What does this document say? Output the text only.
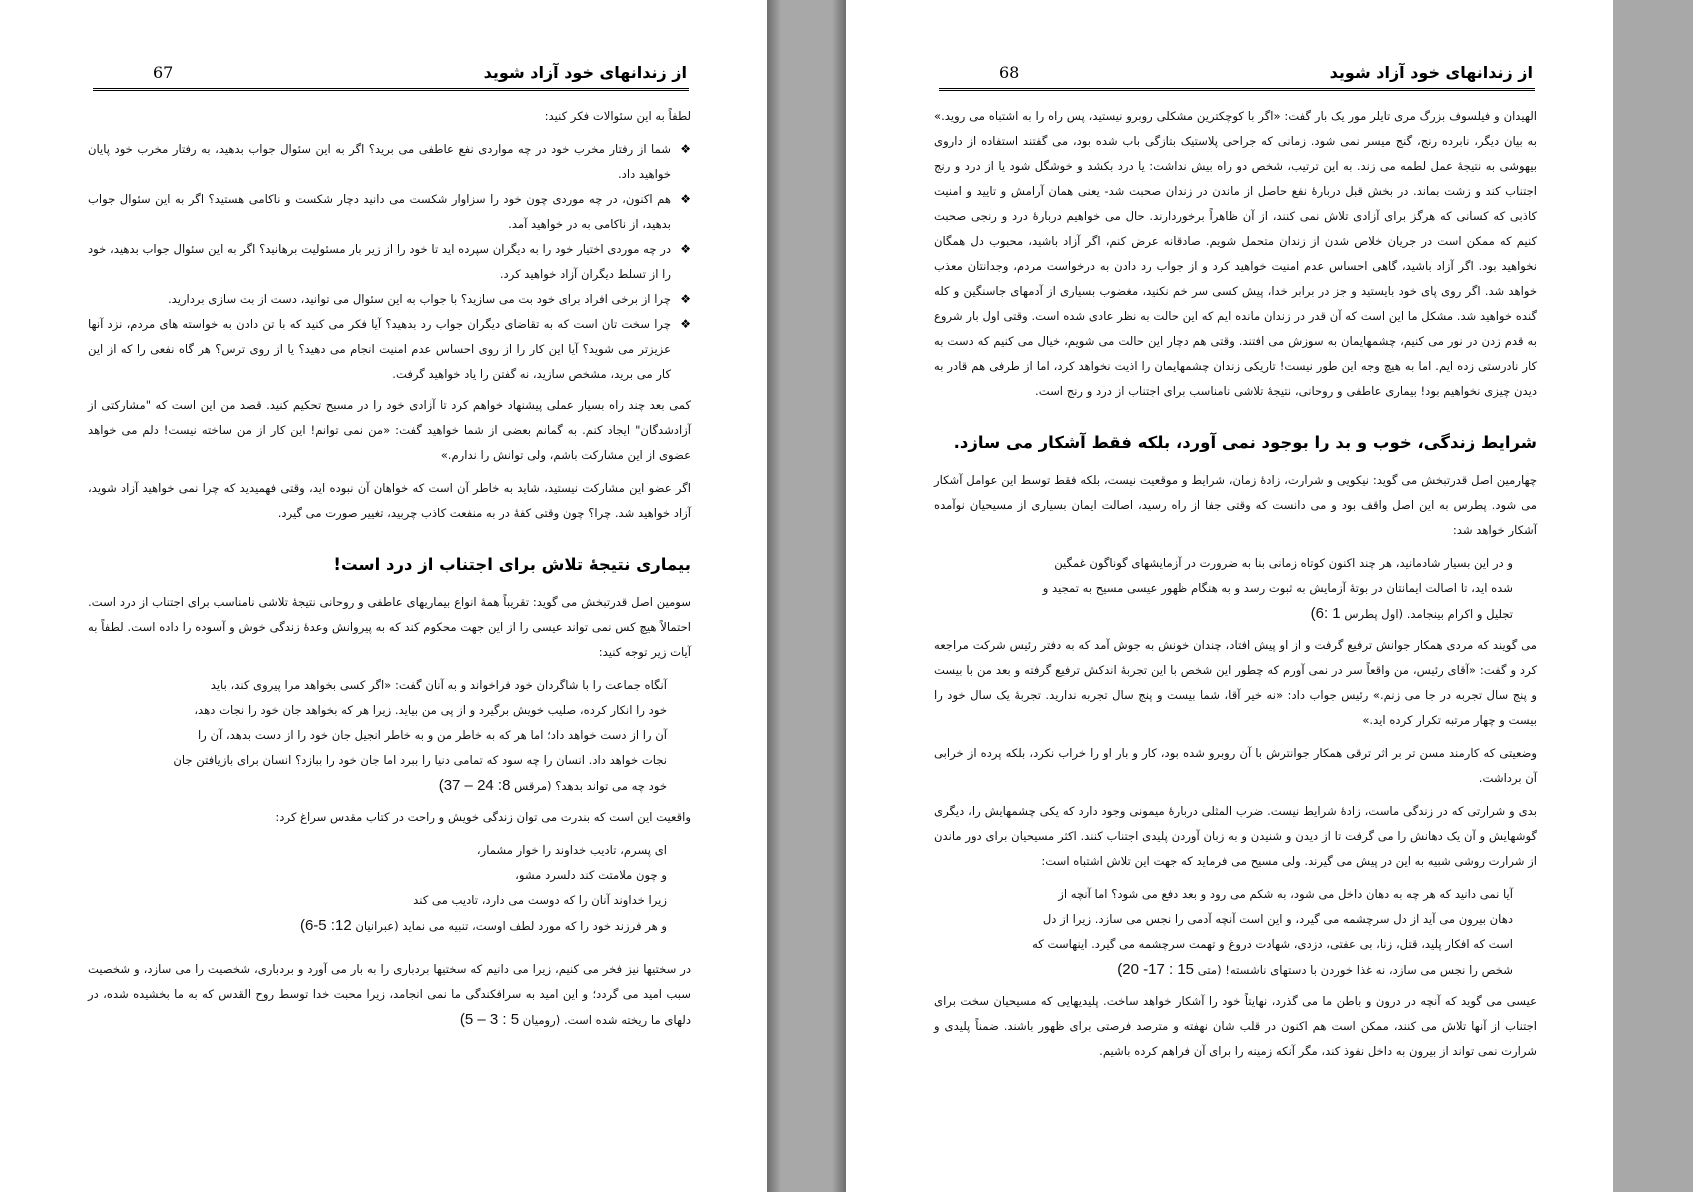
از زندانهای خود آزاد شوید
67

لطفاً به این سئوالات فکر کنید:

❖
شما از رفتار مخرب خود در چه مواردی نفع عاطفی می برید؟ اگر به این سئوال جواب بدهید، به رفتار مخرب خود پایان خواهید داد.
❖
هم اکنون، در چه موردی چون خود را سزاوار شکست می دانید دچار شکست و ناکامی هستید؟ اگر به این سئوال جواب بدهید، از ناکامی به در خواهید آمد.
❖
در چه موردی اختیار خود را به دیگران سپرده اید تا خود را از زیر بار مسئولیت برهانید؟ اگر به این سئوال جواب بدهید، خود را از تسلط دیگران آزاد خواهید کرد.
❖
چرا از برخی افراد برای خود بت می سازید؟ با جواب به این سئوال می توانید، دست از بت سازی بردارید.
❖
چرا سخت تان است که به تقاضای دیگران جواب رد بدهید؟ آیا فکر می کنید که با تن دادن به خواسته های مردم، نزد آنها عزیزتر می شوید؟ آیا این کار را از روی احساس عدم امنیت انجام می دهید؟ یا از روی ترس؟ هر گاه نفعی را که از این کار می برید، مشخص سازید، نه گفتن را یاد خواهید گرفت.

کمی بعد چند راه بسیار عملی پیشنهاد خواهم کرد تا آزادی خود را در مسیح تحکیم کنید. قصد من این است که "مشارکتی از آزادشدگان" ایجاد کنم. به گمانم بعضی از شما خواهید گفت: «من نمی توانم! این کار از من ساخته نیست! دلم می خواهد عضوی از این مشارکت باشم، ولی توانش را ندارم.»

اگر عضو این مشارکت نیستید، شاید به خاطر آن است که خواهان آن نبوده اید، وقتی فهمیدید که چرا نمی خواهید آزاد شوید، آزاد خواهید شد. چرا؟ چون وقتی کفهٔ در به منفعت کاذب چربید، تغییر صورت می گیرد.

بیماری نتیجهٔ تلاش برای اجتناب از درد است!

سومین اصل قدرتبخش می گوید: تقریباً همهٔ انواع بیماریهای عاطفی و روحانی نتیجهٔ تلاشی نامناسب برای اجتناب از درد است. احتمالاً هیچ کس نمی تواند عیسی را از این جهت محکوم کند که به پیروانش وعدهٔ زندگی خوش و آسوده را داده است. لطفاً به آیات زیر توجه کنید:

آنگاه جماعت را با شاگردان خود فراخواند و به آنان گفت: «اگر کسی بخواهد مرا پیروی کند، باید
خود را انکار کرده، صلیب خویش برگیرد و از پی من بیاید. زیرا هر که بخواهد جان خود را نجات دهد،
آن را از دست خواهد داد؛ اما هر که به خاطر من و به خاطر انجیل جان خود را از دست بدهد، آن را
نجات خواهد داد. انسان را چه سود که تمامی دنیا را ببرد اما جان خود را ببازد؟ انسان برای بازیافتن جان
خود چه می تواند بدهد؟ (مرقس 8: 24 – 37)

واقعیت این است که بندرت می توان زندگی خویش و راحت در کتاب مقدس سراغ کرد:

ای پسرم، تادیب خداوند را خوار مشمار،
و چون ملامتت کند دلسرد مشو،
زیرا خداوند آنان را که دوست می دارد، تادیب می کند
و هر فرزند خود را که مورد لطف اوست، تنبیه می نماید (عبرانیان 12: 5-6)

در سختیها نیز فخر می کنیم، زیرا می دانیم که سختیها بردباری را به بار می آورد و بردباری، شخصیت را می سازد، و شخصیت سبب امید می گردد؛ و این امید به سرافکندگی ما نمی انجامد، زیرا محبت خدا توسط روح القدس که به ما بخشیده شده، در دلهای ما ریخته شده است. (رومیان 5 : 3 – 5)

از زندانهای خود آزاد شوید
68

الهیدان و فیلسوف بزرگ مری تایلر مور یک بار گفت: «اگر با کوچکترین مشکلی روبرو نیستید، پس راه را به اشتباه می روید.» به بیان دیگر، نابرده رنج، گنج میسر نمی شود. زمانی که جراحی پلاستیک بتازگی باب شده بود، می گفتند استفاده از داروی بیهوشی به نتیجهٔ عمل لطمه می زند. به این ترتیب، شخص دو راه بیش نداشت: یا درد بکشد و خوشگل شود یا از درد و رنج اجتناب کند و زشت بماند. در بخش قبل دربارهٔ نفع حاصل از ماندن در زندان صحبت شد- یعنی همان آرامش و تایید و امنیت کاذبی که کسانی که هرگز برای آزادی تلاش نمی کنند، از آن ظاهراً برخوردارند. حال می خواهیم دربارهٔ درد و رنجی صحبت کنیم که ممکن است در جریان خلاص شدن از زندان متحمل شویم. صادقانه عرض کنم، اگر آزاد باشید، محبوب دل همگان نخواهید بود. اگر آزاد باشید، گاهی احساس عدم امنیت خواهید کرد و از جواب رد دادن به درخواست مردم، وجدانتان معذب خواهد شد. اگر روی پای خود بایستید و جز در برابر خدا، پیش کسی سر خم نکنید، مغضوب بسیاری از آدمهای جاسنگین و کله گنده خواهید شد. مشکل ما این است که آن قدر در زندان مانده ایم که این حالت به نظر عادی شده است. وقتی اول بار شروع به قدم زدن در نور می کنیم، چشمهایمان به سوزش می افتند. وقتی هم دچار این حالت می شویم، خیال می کنیم که دست به کار نادرستی زده ایم. اما به هیچ وجه این طور نیست! تاریکی زندان چشمهایمان را اذیت نخواهد کرد، اما از طرفی هم قادر به دیدن چیزی نخواهیم بود! بیماری عاطفی و روحانی، نتیجهٔ تلاشی نامناسب برای اجتناب از درد و رنج است.

شرایط زندگی، خوب و بد را بوجود نمی آورد، بلکه فقط آشکار می سازد.

چهارمین اصل قدرتبخش می گوید: نیکویی و شرارت، زادهٔ زمان، شرایط و موقعیت نیست، بلکه فقط توسط این عوامل آشکار می شود. پطرس به این اصل واقف بود و می دانست که وقتی جفا از راه رسید، اصالت ایمان بسیاری از مسیحیان نوآمده آشکار خواهد شد:

و در این بسیار شادمانید، هر چند اکنون کوتاه زمانی بنا به ضرورت در آزمایشهای گوناگون غمگین
شده اید، تا اصالت ایمانتان در بوتهٔ آزمایش به ثبوت رسد و به هنگام ظهور عیسی مسیح به تمجید و
تجلیل و اکرام بینجامد. (اول پطرس 1 :6)

می گویند که مردی همکار جوانش ترفیع گرفت و از او پیش افتاد، چندان خونش به جوش آمد که به دفتر رئیس شرکت مراجعه کرد و گفت: «آقای رئیس، من واقعاً سر در نمی آورم که چطور این شخص با این تجربهٔ اندکش ترفیع گرفته و بعد من با بیست و پنج سال تجربه در جا می زنم.» رئیس جواب داد: «نه خیر آقا، شما بیست و پنج سال تجربه ندارید. تجربهٔ یک سال خود را بیست و چهار مرتبه تکرار کرده اید.»

وضعیتی که کارمند مسن تر بر اثر ترقی همکار جوانترش با آن روبرو شده بود، کار و بار او را خراب نکرد، بلکه پرده از خرابی آن برداشت.

بدی و شرارتی که در زندگی ماست، زادهٔ شرایط نیست. ضرب المثلی دربارهٔ میمونی وجود دارد که یکی چشمهایش را، دیگری گوشهایش و آن یک دهانش را می گرفت تا از دیدن و شنیدن و به زبان آوردن پلیدی اجتناب کنند. اکثر مسیحیان برای دور ماندن از شرارت روشی شبیه به این در پیش می گیرند. ولی مسیح می فرماید که جهت این تلاش اشتباه است:

آیا نمی دانید که هر چه به دهان داخل می شود، به شکم می رود و بعد دفع می شود؟ اما آنچه از
دهان بیرون می آید از دل سرچشمه می گیرد، و این است آنچه آدمی را نجس می سازد. زیرا از دل
است که افکار پلید، قتل، زنا، بی عفتی، دزدی، شهادت دروغ و تهمت سرچشمه می گیرد. اینهاست که
شخص را نجس می سازد، نه غذا خوردن با دستهای ناشسته! (متی 15 : 17- 20)

عیسی می گوید که آنچه در درون و باطن ما می گذرد، نهایتاً خود را آشکار خواهد ساخت. پلیدیهایی که مسیحیان سخت برای اجتناب از آنها تلاش می کنند، ممکن است هم اکنون در قلب شان نهفته و مترصد فرصتی برای ظهور باشند. ضمناً پلیدی و شرارت نمی تواند از بیرون به داخل نفوذ کند، مگر آنکه زمینه را برای آن فراهم کرده باشیم.
